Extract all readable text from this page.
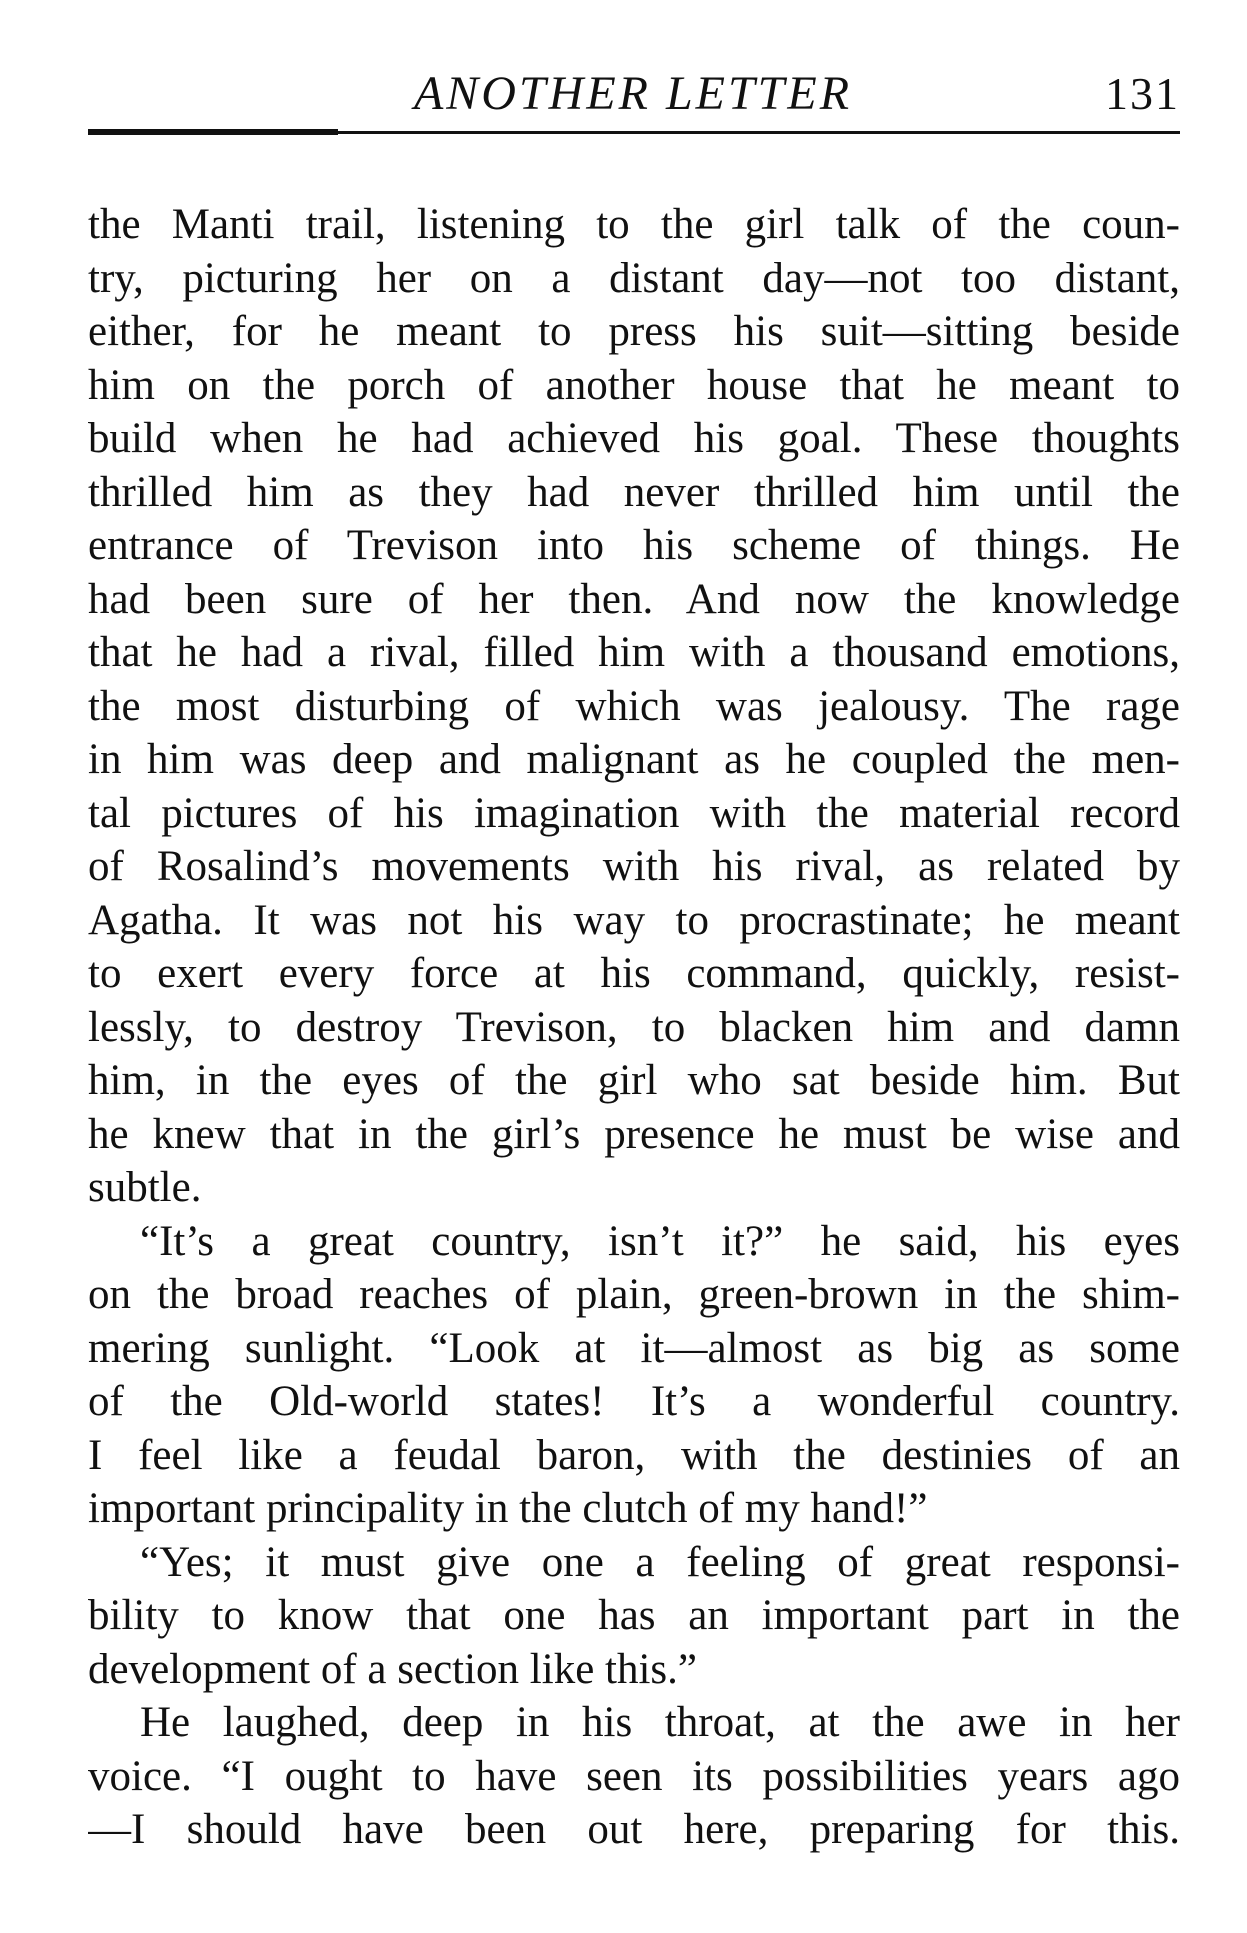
ANOTHER LETTER	131
the Manti trail, listening to the girl talk of the coun-
try, picturing her on a distant day—not too distant,
either, for he meant to press his suit—sitting beside
him on the porch of another house that he meant to
build when he had achieved his goal. These thoughts
thrilled him as they had never thrilled him until the
entrance of Trevison into his scheme of things. He
had been sure of her then. And now the knowledge
that he had a rival, filled him with a thousand emotions,
the most disturbing of which was jealousy. The rage
in him was deep and malignant as he coupled the men-
tal pictures of his imagination with the material record
of Rosalind’s movements with his rival, as related by
Agatha. It was not his way to procrastinate; he meant
to exert every force at his command, quickly, resist-
lessly, to destroy Trevison, to blacken him and damn
him, in the eyes of the girl who sat beside him. But
he knew that in the girl’s presence he must be wise and
subtle.
“It’s a great country, isn’t it?” he said, his eyes
on the broad reaches of plain, green-brown in the shim-
mering sunlight. “Look at it—almost as big as some
of the Old-world states! It’s a wonderful country.
I feel like a feudal baron, with the destinies of an
important principality in the clutch of my hand!”
“Yes; it must give one a feeling of great responsi-
bility to know that one has an important part in the
development of a section like this.”
He laughed, deep in his throat, at the awe in her
voice. “I ought to have seen its possibilities years ago
—I should have been out here, preparing for this.
